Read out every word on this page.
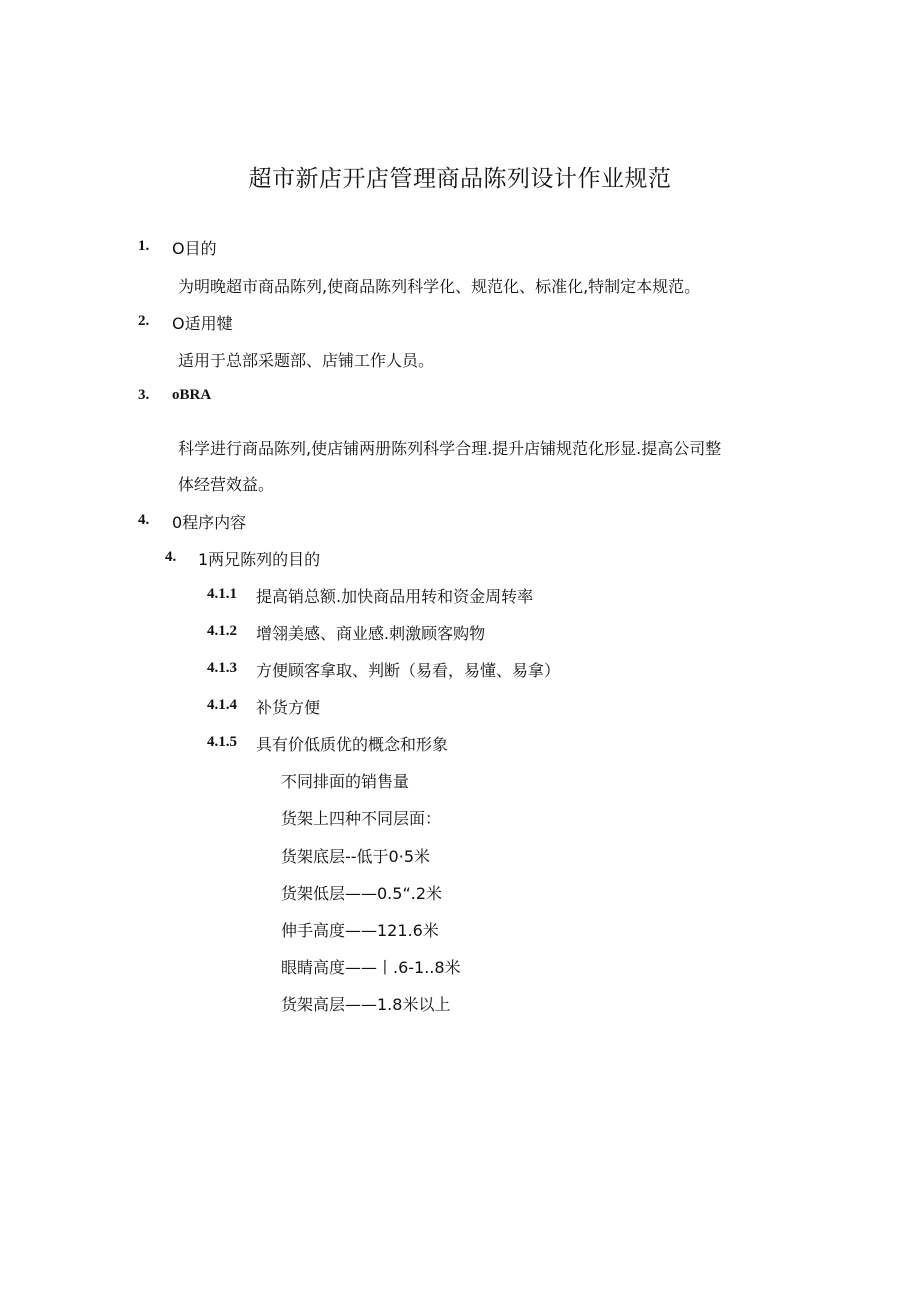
超市新店开店管理商品陈列设计作业规范
1. O目的
为明晚超市商品陈列,使商品陈列科学化、规范化、标准化,特制定本规范。
2. O适用犍
适用于总部采题部、店铺工作人员。
3. oBRA
科学进行商品陈列,使店铺两册陈列科学合理.提升店铺规范化形显.提高公司整
体经营效益。
4. 0程序内容
4. 1两兄陈列的目的
4.1.1 提高销总额.加快商品用转和资金周转率
4.1.2 增翎美感、商业感.刺激顾客购物
4.1.3 方便顾客拿取、判断（易看，易懂、易拿）
4.1.4 补货方便
4.1.5 具有价低质优的概念和形象
不同排面的销售量
货架上四种不同层面：
货架底层--低于0·5米
货架低层——0.5“.2米
伸手高度——121.6米
眼睛高度——丨.6-1..8米
货架高层——1.8米以上
